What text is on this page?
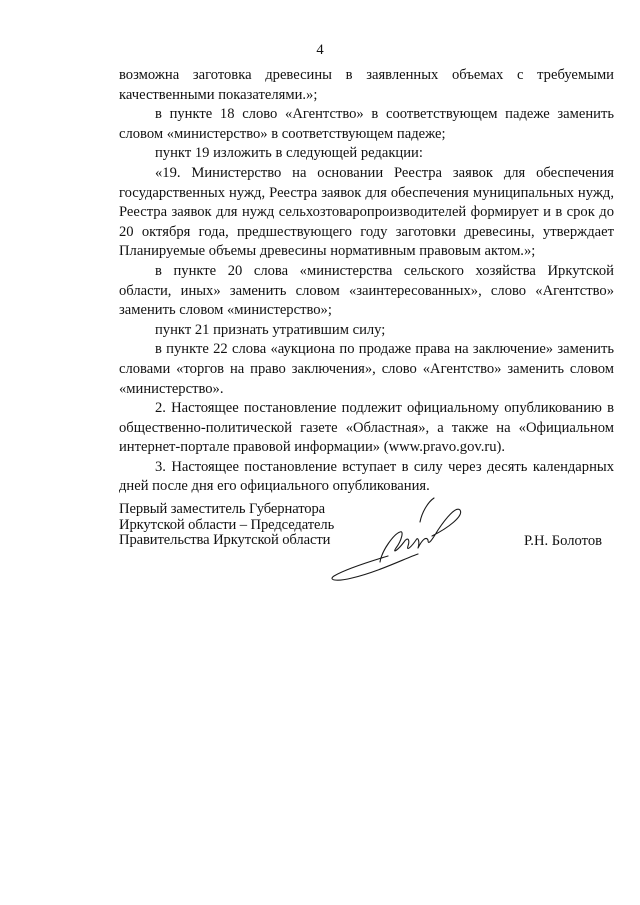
4

возможна заготовка древесины в заявленных объемах с требуемыми качественными показателями.»;

в пункте 18 слово «Агентство» в соответствующем падеже заменить словом «министерство» в соответствующем падеже;

пункт 19 изложить в следующей редакции:

«19. Министерство на основании Реестра заявок для обеспечения государственных нужд, Реестра заявок для обеспечения муниципальных нужд, Реестра заявок для нужд сельхозтоваропроизводителей формирует и в срок до 20 октября года, предшествующего году заготовки древесины, утверждает Планируемые объемы древесины нормативным правовым актом.»;

в пункте 20 слова «министерства сельского хозяйства Иркутской области, иных» заменить словом «заинтересованных», слово «Агентство» заменить словом «министерство»;

пункт 21 признать утратившим силу;

в пункте 22 слова «аукциона по продаже права на заключение» заменить словами «торгов на право заключения», слово «Агентство» заменить словом «министерство».

2. Настоящее постановление подлежит официальному опубликованию в общественно-политической газете «Областная», а также на «Официальном интернет-портале правовой информации» (www.pravo.gov.ru).

3. Настоящее постановление вступает в силу через десять календарных дней после дня его официального опубликования.

Первый заместитель Губернатора
Иркутской области – Председатель
Правительства Иркутской области	Р.Н. Болотов
